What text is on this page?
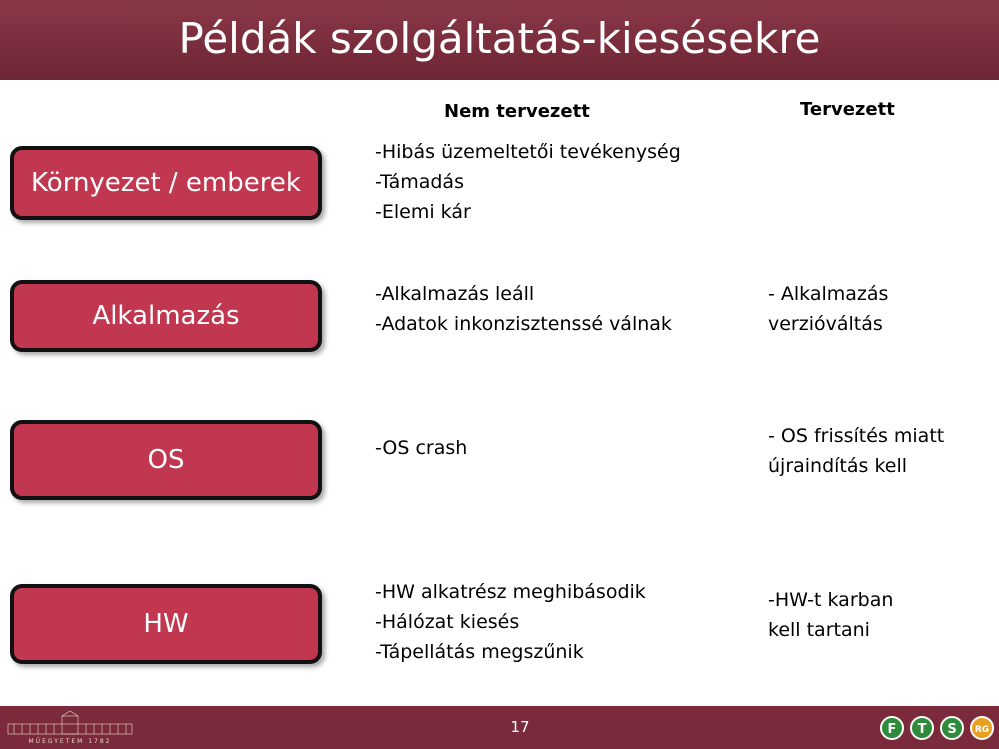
Példák szolgáltatás-kiesésekre
Nem tervezett	Tervezett
Környezet / emberek
-Hibás üzemeltetői tevékenység
-Támadás
-Elemi kár
Alkalmazás
-Alkalmazás leáll
-Adatok inkonzisztenssé válnak
- Alkalmazás
verzióváltás
OS	-OS crash
- OS frissítés miatt
újraindítás kell
HW
-HW alkatrész meghibásodik
-Hálózat kiesés
-Tápellátás megszűnik
-HW-t karban
kell tartani
17
MŰEGYETEM 1782
F T S RG
